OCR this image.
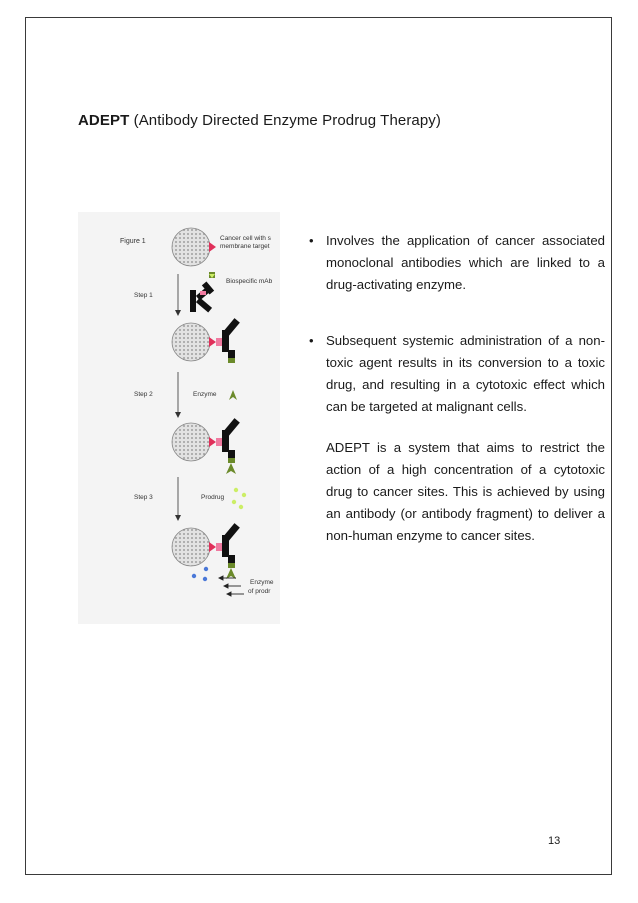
ADEPT (Antibody Directed Enzyme Prodrug Therapy)
Figure 1	Cancer cell with s
membrane target
Biospecific mAb
Step 1
Step 2	Enzyme
Step 3	Prodrug
Enzyme
of prodr
• Involves the application of cancer associated monoclonal antibodies which are linked to a drug-activating enzyme.
• Subsequent systemic administration of a non-toxic agent results in its conversion to a toxic drug, and resulting in a cytotoxic effect which can be targeted at malignant cells.
ADEPT is a system that aims to restrict the action of a high concentration of a cytotoxic drug to cancer sites. This is achieved by using an antibody (or antibody fragment) to deliver a non-human enzyme to cancer sites.
13
